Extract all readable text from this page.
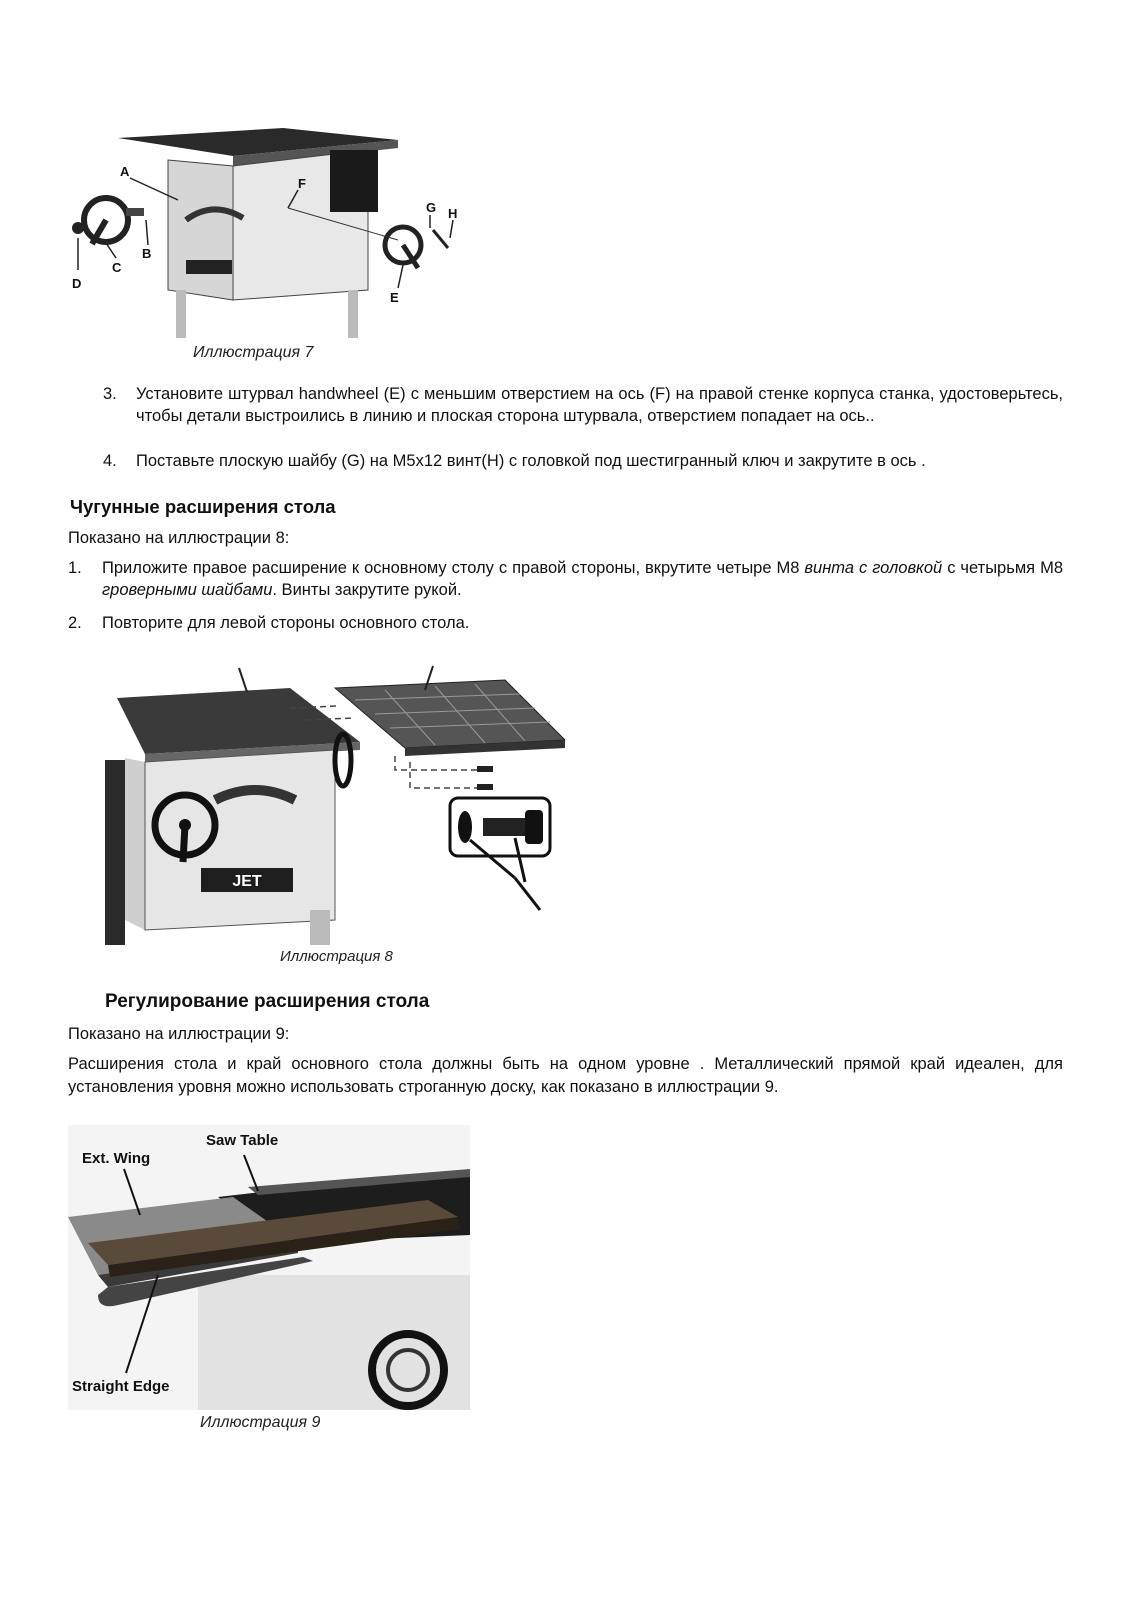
A
B
C
D
E
F
G H
Иллюстрация 7
3. Установите штурвал handwheel (E) с меньшим отверстием на ось (F) на правой стенке корпуса станка, удостоверьтесь, чтобы детали выстроились в линию и плоская сторона штурвала, отверстием попадает на ось..
4. Поставьте плоскую шайбу (G) на M5x12 винт(H) с головкой под шестигранный ключ и закрутите в ось .
Чугунные расширения стола
Показано на иллюстрации 8:
1. Приложите правое расширение к основному столу с правой стороны, вкрутите четыре M8 винта с головкой с четырьмя M8 гроверными шайбами. Винты закрутите рукой.
2. Повторите для левой стороны основного стола.
JET
Иллюстрация 8
Регулирование расширения стола
Показано на иллюстрации 9:
Расширения стола и край основного стола должны быть на одном уровне . Металлический прямой край идеален, для установления уровня можно использовать строганную доску, как показано в иллюстрации 9.
Ext. Wing
Saw Table
Straight Edge
Иллюстрация 9
